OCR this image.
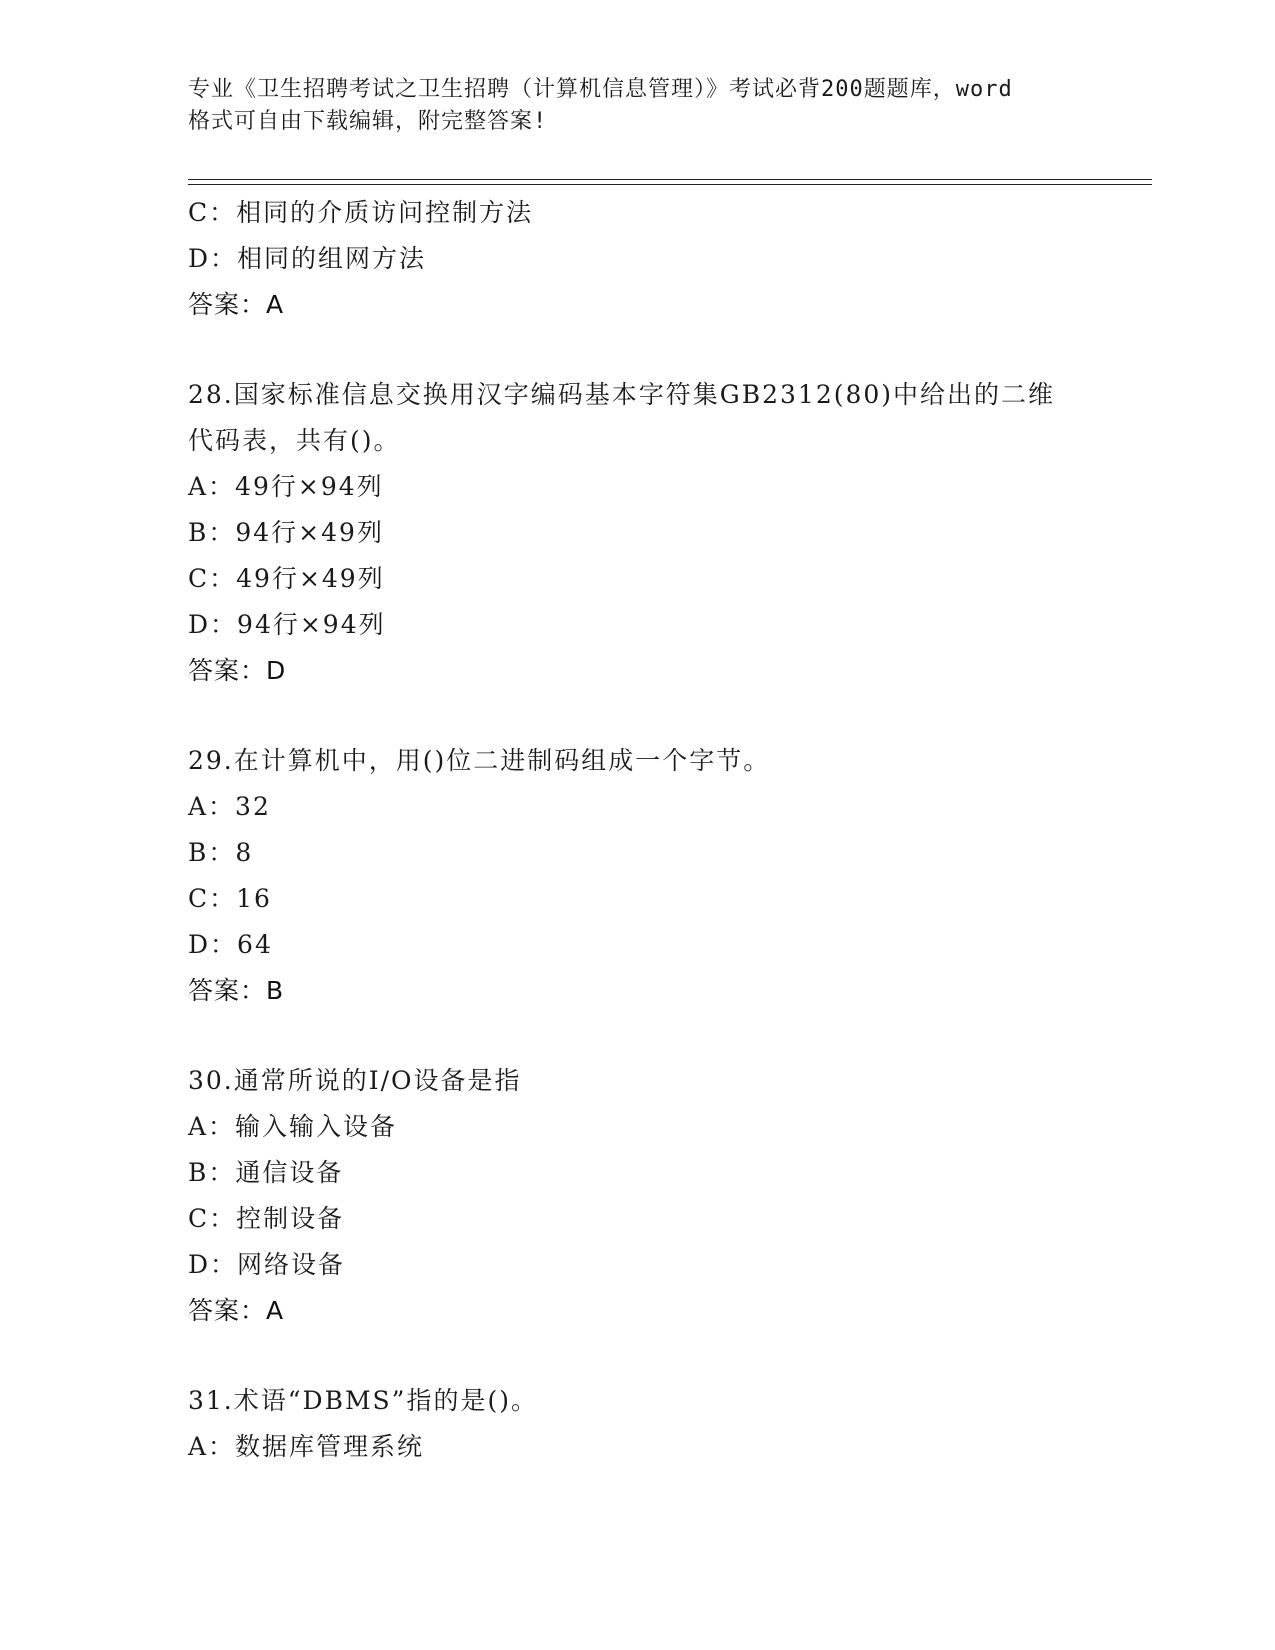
专业《卫生招聘考试之卫生招聘（计算机信息管理）》考试必背200题题库，word
格式可自由下载编辑，附完整答案!
C：相同的介质访问控制方法
D：相同的组网方法
答案：A
28.国家标准信息交换用汉字编码基本字符集GB2312(80)中给出的二维
代码表，共有()。
A：49行×94列
B：94行×49列
C：49行×49列
D：94行×94列
答案：D
29.在计算机中，用()位二进制码组成一个字节。
A：32
B：8
C：16
D：64
答案：B
30.通常所说的I/O设备是指
A：输入输入设备
B：通信设备
C：控制设备
D：网络设备
答案：A
31.术语“DBMS”指的是()。
A：数据库管理系统
